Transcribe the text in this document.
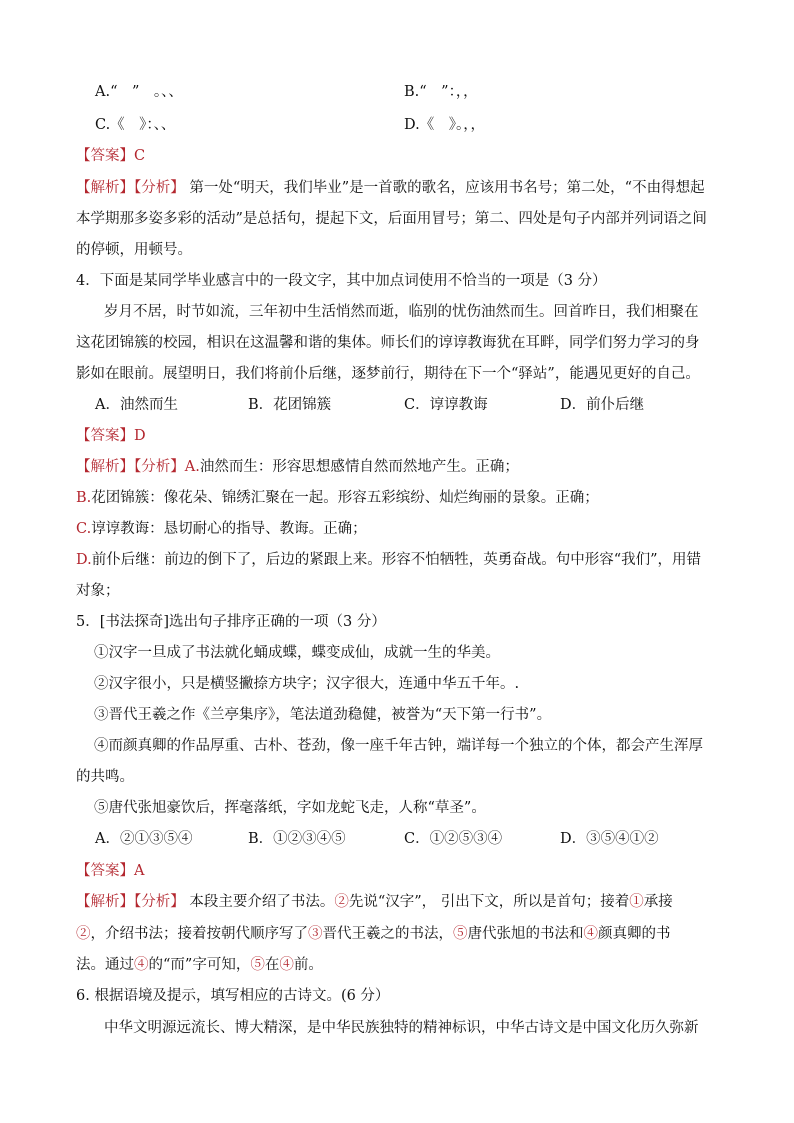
A.“　”　。、、	B.“　”：，，
C.《　》：、、	D.《　》。，，
【答案】C
【解析】【分析】 第一处“明天，我们毕业”是一首歌的歌名，应该用书名号；第二处，“不由得想起
本学期那多姿多彩的活动”是总括句，提起下文，后面用冒号；第二、四处是句子内部并列词语之间
的停顿，用顿号。
4．下面是某同学毕业感言中的一段文字，其中加点词使用不恰当的一项是（3 分）
岁月不居，时节如流，三年初中生活悄然而逝，临别的忧伤油然而生。回首昨日，我们相聚在
这花团锦簇的校园，相识在这温馨和谐的集体。师长们的谆谆教诲犹在耳畔，同学们努力学习的身
影如在眼前。展望明日，我们将前仆后继，逐梦前行，期待在下一个“驿站”，能遇见更好的自己。
A．油然而生	B．花团锦簇	C．谆谆教诲	D．前仆后继
【答案】D
【解析】【分析】A.油然而生：形容思想感情自然而然地产生。正确；
B.花团锦簇：像花朵、锦绣汇聚在一起。形容五彩缤纷、灿烂绚丽的景象。正确；
C.谆谆教诲：恳切耐心的指导、教诲。正确；
D.前仆后继：前边的倒下了，后边的紧跟上来。形容不怕牺牲，英勇奋战。句中形容“我们”，用错
对象；
5．[书法探奇]选出句子排序正确的一项（3 分）
①汉字一旦成了书法就化蛹成蝶，蝶变成仙，成就一生的华美。
②汉字很小，只是横竖撇捺方块字；汉字很大，连通中华五千年。.
③晋代王羲之作《兰亭集序》，笔法道劲稳健，被誉为“天下第一行书”。
④而颜真卿的作品厚重、古朴、苍劲，像一座千年古钟，端详每一个独立的个体，都会产生浑厚
的共鸣。
⑤唐代张旭豪饮后，挥毫落纸，字如龙蛇飞走，人称“草圣”。
A．②①③⑤④	B．①②③④⑤	C．①②⑤③④	D．③⑤④①②
【答案】A
【解析】【分析】 本段主要介绍了书法。②先说“汉字”， 引出下文，所以是首句；接着①承接
②，介绍书法；接着按朝代顺序写了③晋代王羲之的书法，⑤唐代张旭的书法和④颜真卿的书
法。通过④的“而”字可知，⑤在④前。
6. 根据语境及提示，填写相应的古诗文。(6 分）
中华文明源远流长、博大精深，是中华民族独特的精神标识，中华古诗文是中国文化历久弥新
